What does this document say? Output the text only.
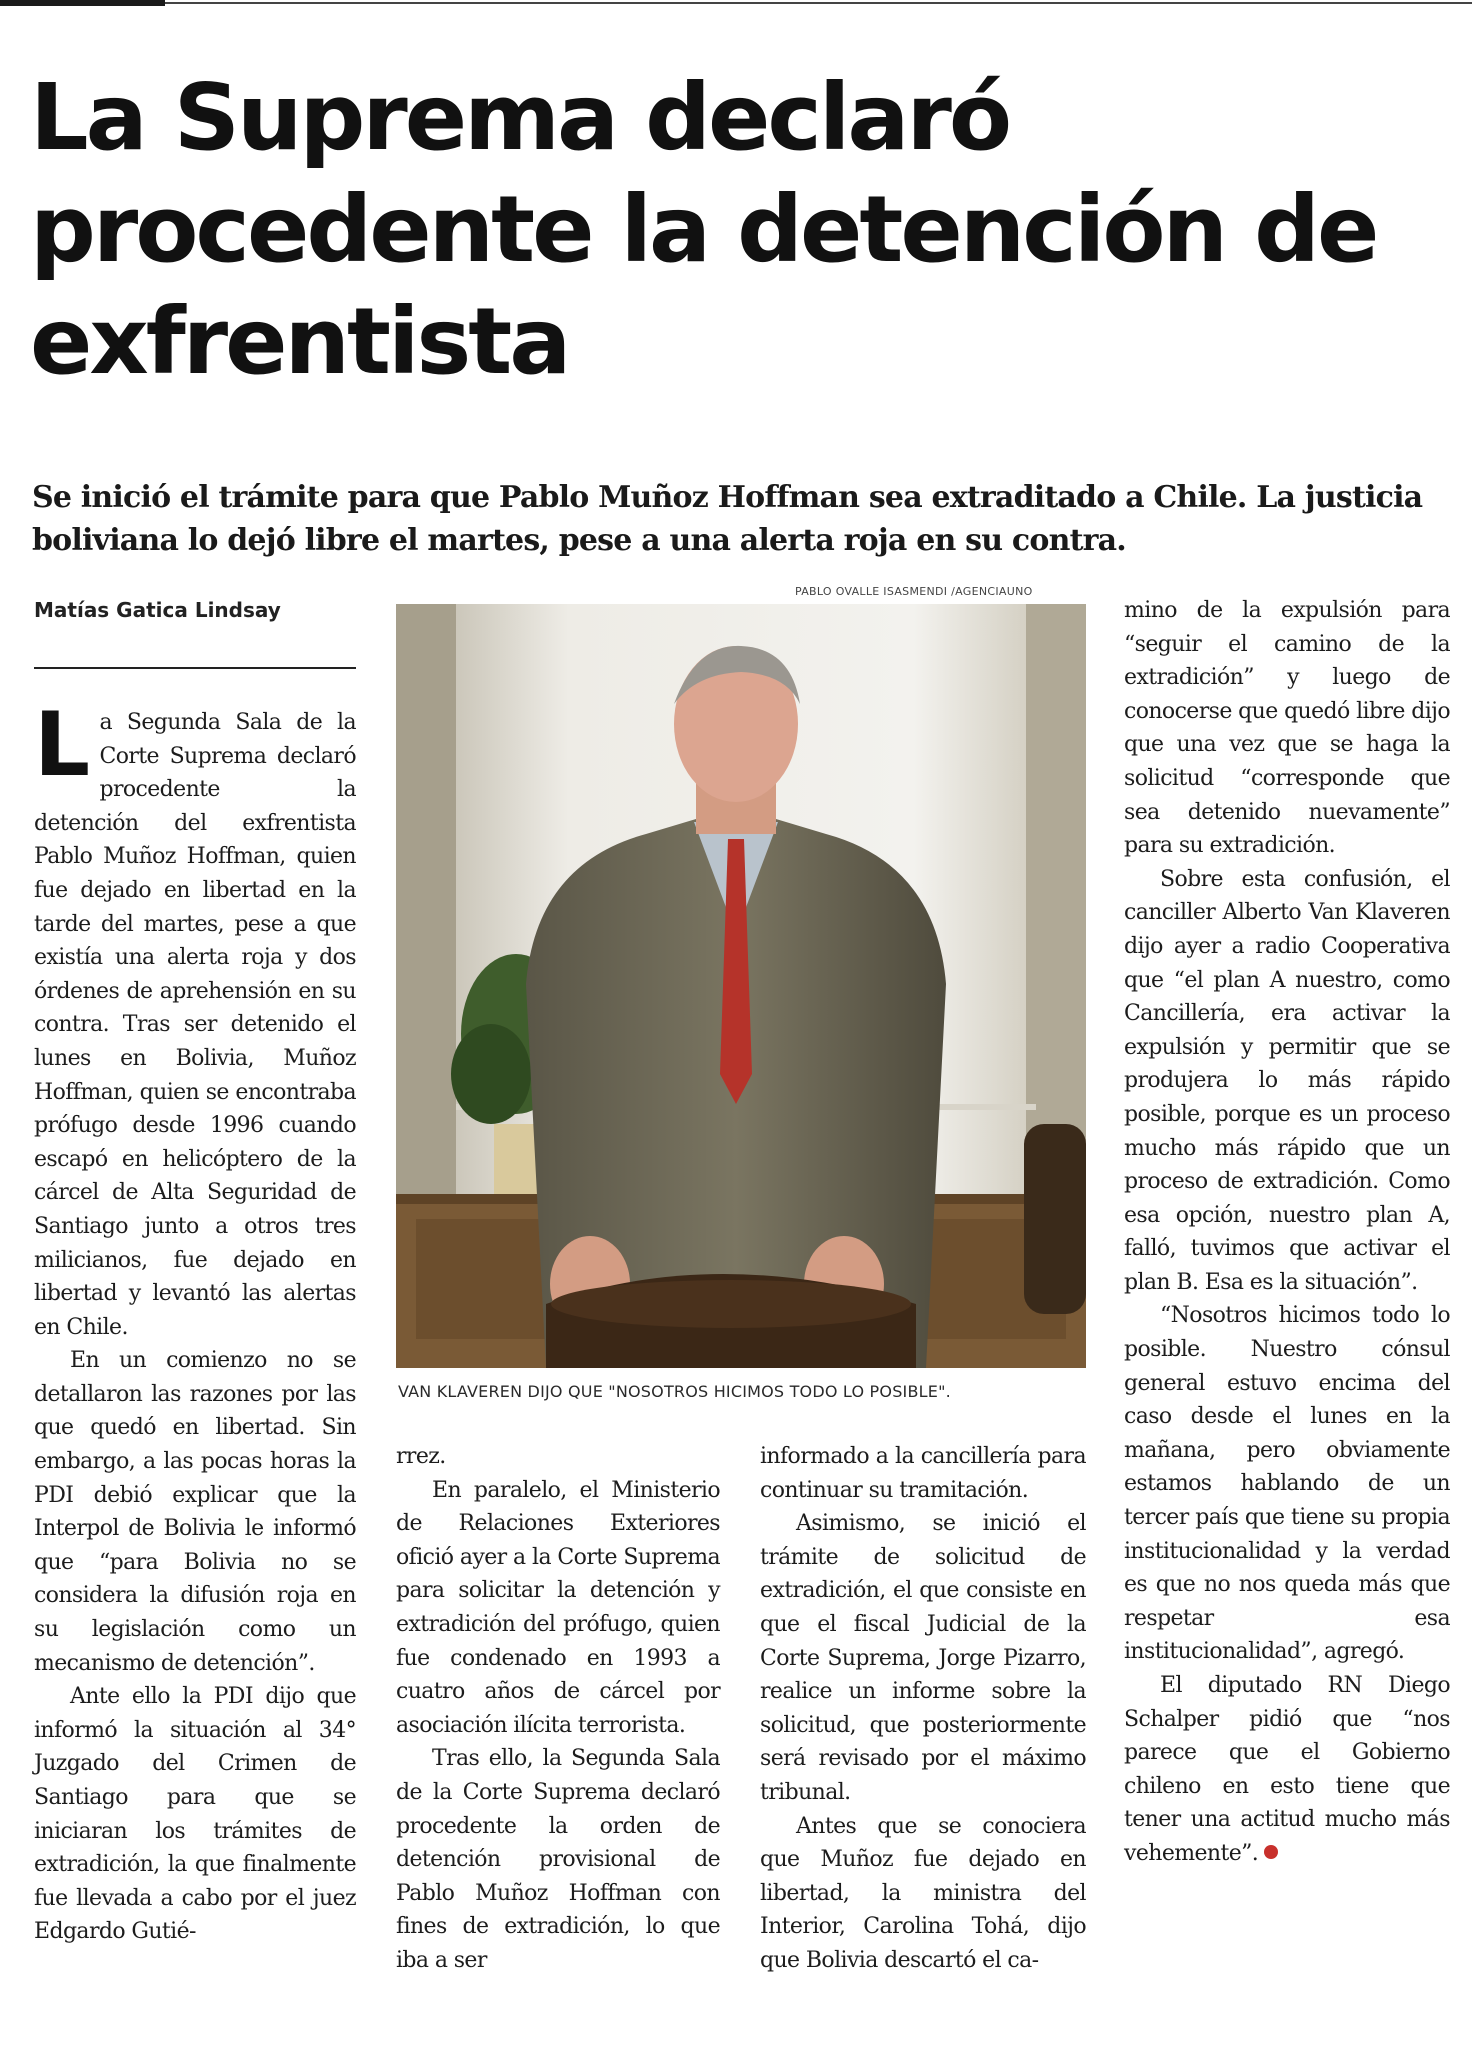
La Suprema declaró procedente la detención de exfrentista

Se inició el trámite para que Pablo Muñoz Hoffman sea extraditado a Chile. La justicia boliviana lo dejó libre el martes, pese a una alerta roja en su contra.

Matías Gatica Lindsay
PABLO OVALLE ISASMENDI /AGENCIAUNO
VAN KLAVEREN DIJO QUE "NOSOTROS HICIMOS TODO LO POSIBLE".

La Segunda Sala de la Corte Suprema declaró procedente la detención del exfrentista Pablo Muñoz Hoffman, quien fue dejado en libertad en la tarde del martes, pese a que existía una alerta roja y dos órdenes de aprehensión en su contra. Tras ser detenido el lunes en Bolivia, Muñoz Hoffman, quien se encontraba prófugo desde 1996 cuando escapó en helicóptero de la cárcel de Alta Seguridad de Santiago junto a otros tres milicianos, fue dejado en libertad y levantó las alertas en Chile.

En un comienzo no se detallaron las razones por las que quedó en libertad. Sin embargo, a las pocas horas la PDI debió explicar que la Interpol de Bolivia le informó que “para Bolivia no se considera la difusión roja en su legislación como un mecanismo de detención”.

Ante ello la PDI dijo que informó la situación al 34° Juzgado del Crimen de Santiago para que se iniciaran los trámites de extradición, la que finalmente fue llevada a cabo por el juez Edgardo Gutié-

rrez.

En paralelo, el Ministerio de Relaciones Exteriores ofició ayer a la Corte Suprema para solicitar la detención y extradición del prófugo, quien fue condenado en 1993 a cuatro años de cárcel por asociación ilícita terrorista.

Tras ello, la Segunda Sala de la Corte Suprema declaró procedente la orden de detención provisional de Pablo Muñoz Hoffman con fines de extradición, lo que iba a ser

informado a la cancillería para continuar su tramitación.

Asimismo, se inició el trámite de solicitud de extradición, el que consiste en que el fiscal Judicial de la Corte Suprema, Jorge Pizarro, realice un informe sobre la solicitud, que posteriormente será revisado por el máximo tribunal.

Antes que se conociera que Muñoz fue dejado en libertad, la ministra del Interior, Carolina Tohá, dijo que Bolivia descartó el ca-

mino de la expulsión para “seguir el camino de la extradición” y luego de conocerse que quedó libre dijo que una vez que se haga la solicitud “corresponde que sea detenido nuevamente” para su extradición.

Sobre esta confusión, el canciller Alberto Van Klaveren dijo ayer a radio Cooperativa que “el plan A nuestro, como Cancillería, era activar la expulsión y permitir que se produjera lo más rápido posible, porque es un proceso mucho más rápido que un proceso de extradición. Como esa opción, nuestro plan A, falló, tuvimos que activar el plan B. Esa es la situación”.

“Nosotros hicimos todo lo posible. Nuestro cónsul general estuvo encima del caso desde el lunes en la mañana, pero obviamente estamos hablando de un tercer país que tiene su propia institucionalidad y la verdad es que no nos queda más que respetar esa institucionalidad”, agregó.

El diputado RN Diego Schalper pidió que “nos parece que el Gobierno chileno en esto tiene que tener una actitud mucho más vehemente”.
